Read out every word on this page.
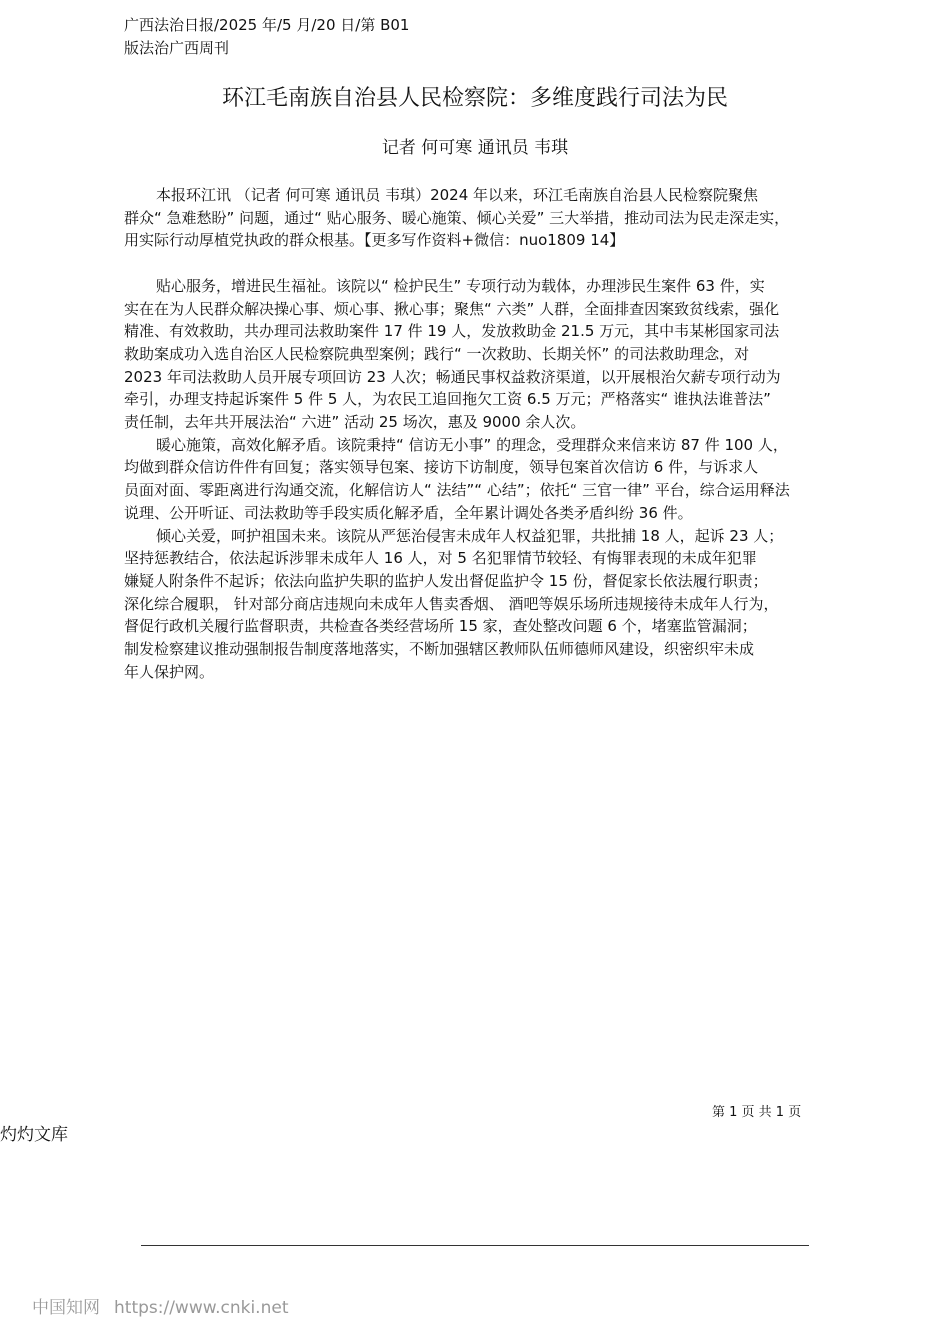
广西法治日报/2025 年/5 月/20 日/第 B01
版法治广西周刊
环江毛南族自治县人民检察院：多维度践行司法为民
记者 何可寒 通讯员 韦琪
本报环江讯 （记者 何可寒 通讯员 韦琪）2024 年以来，环江毛南族自治县人民检察院聚焦
群众“ 急难愁盼” 问题，通过“ 贴心服务、暖心施策、倾心关爱” 三大举措，推动司法为民走深走实，
用实际行动厚植党执政的群众根基。【更多写作资料+微信：nuo1809 14】
贴心服务，增进民生福祉。该院以“ 检护民生” 专项行动为载体，办理涉民生案件 63 件，实
实在在为人民群众解决操心事、烦心事、揪心事；聚焦“ 六类” 人群，全面排查因案致贫线索，强化
精准、有效救助，共办理司法救助案件 17 件 19 人，发放救助金 21.5 万元，其中韦某彬国家司法
救助案成功入选自治区人民检察院典型案例；践行“ 一次救助、长期关怀” 的司法救助理念，对
2023 年司法救助人员开展专项回访 23 人次；畅通民事权益救济渠道，以开展根治欠薪专项行动为
牵引，办理支持起诉案件 5 件 5 人，为农民工追回拖欠工资 6.5 万元；严格落实“ 谁执法谁普法”
责任制，去年共开展法治“ 六进” 活动 25 场次，惠及 9000 余人次。
暖心施策，高效化解矛盾。该院秉持“ 信访无小事” 的理念，受理群众来信来访 87 件 100 人，
均做到群众信访件件有回复；落实领导包案、接访下访制度，领导包案首次信访 6 件，与诉求人
员面对面、零距离进行沟通交流，化解信访人“ 法结”“ 心结”；依托“ 三官一律” 平台，综合运用释法
说理、公开听证、司法救助等手段实质化解矛盾，全年累计调处各类矛盾纠纷 36 件。
倾心关爱，呵护祖国未来。该院从严惩治侵害未成年人权益犯罪，共批捕 18 人，起诉 23 人；
坚持惩教结合，依法起诉涉罪未成年人 16 人，对 5 名犯罪情节较轻、有悔罪表现的未成年犯罪
嫌疑人附条件不起诉；依法向监护失职的监护人发出督促监护令 15 份，督促家长依法履行职责；
深化综合履职， 针对部分商店违规向未成年人售卖香烟、 酒吧等娱乐场所违规接待未成年人行为，
督促行政机关履行监督职责，共检查各类经营场所 15 家，查处整改问题 6 个，堵塞监管漏洞；
制发检察建议推动强制报告制度落地落实，不断加强辖区教师队伍师德师风建设，织密织牢未成
年人保护网。
第 1 页 共 1 页
灼灼文库
中国知网 https://www.cnki.net
